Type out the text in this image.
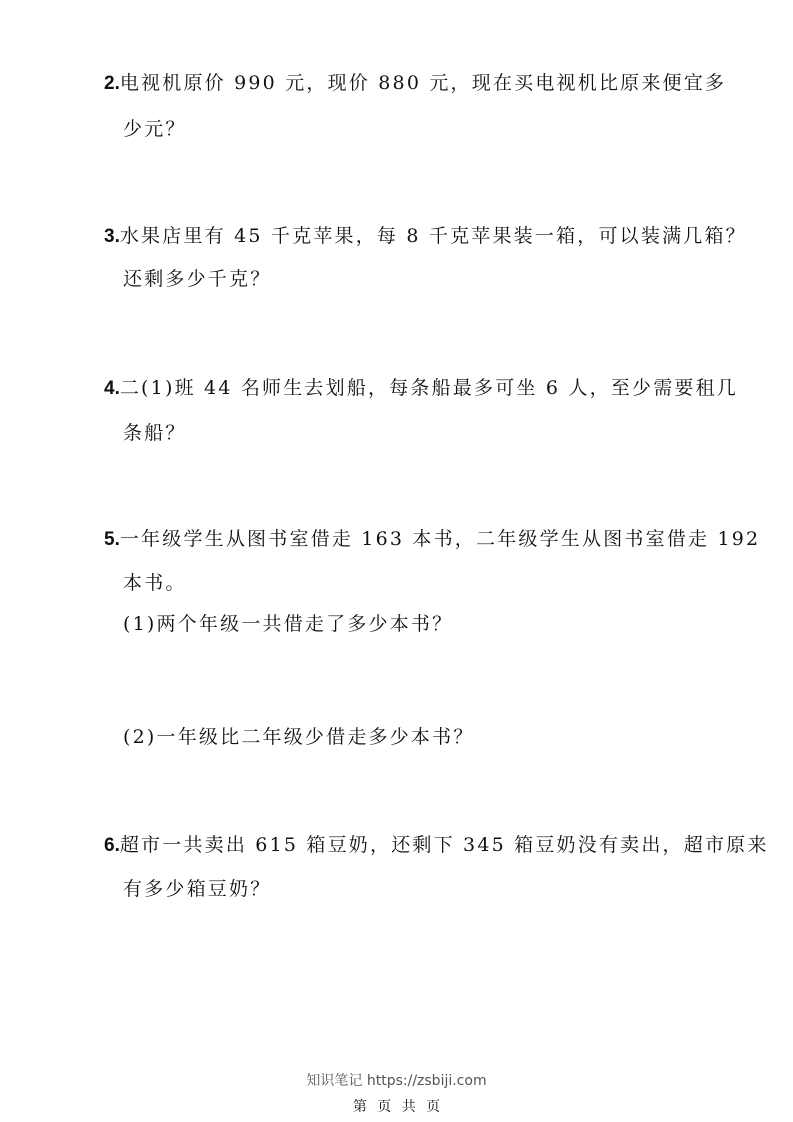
2.电视机原价 990 元，现价 880 元，现在买电视机比原来便宜多
少元？
3.水果店里有 45 千克苹果，每 8 千克苹果装一箱，可以装满几箱？
还剩多少千克？
4.二(1)班 44 名师生去划船，每条船最多可坐 6 人，至少需要租几
条船？
5.一年级学生从图书室借走 163 本书，二年级学生从图书室借走 192
本书。
(1)两个年级一共借走了多少本书？
(2)一年级比二年级少借走多少本书？
6.超市一共卖出 615 箱豆奶，还剩下 345 箱豆奶没有卖出，超市原来
有多少箱豆奶？
知识笔记 https://zsbiji.com
第 页 共 页
